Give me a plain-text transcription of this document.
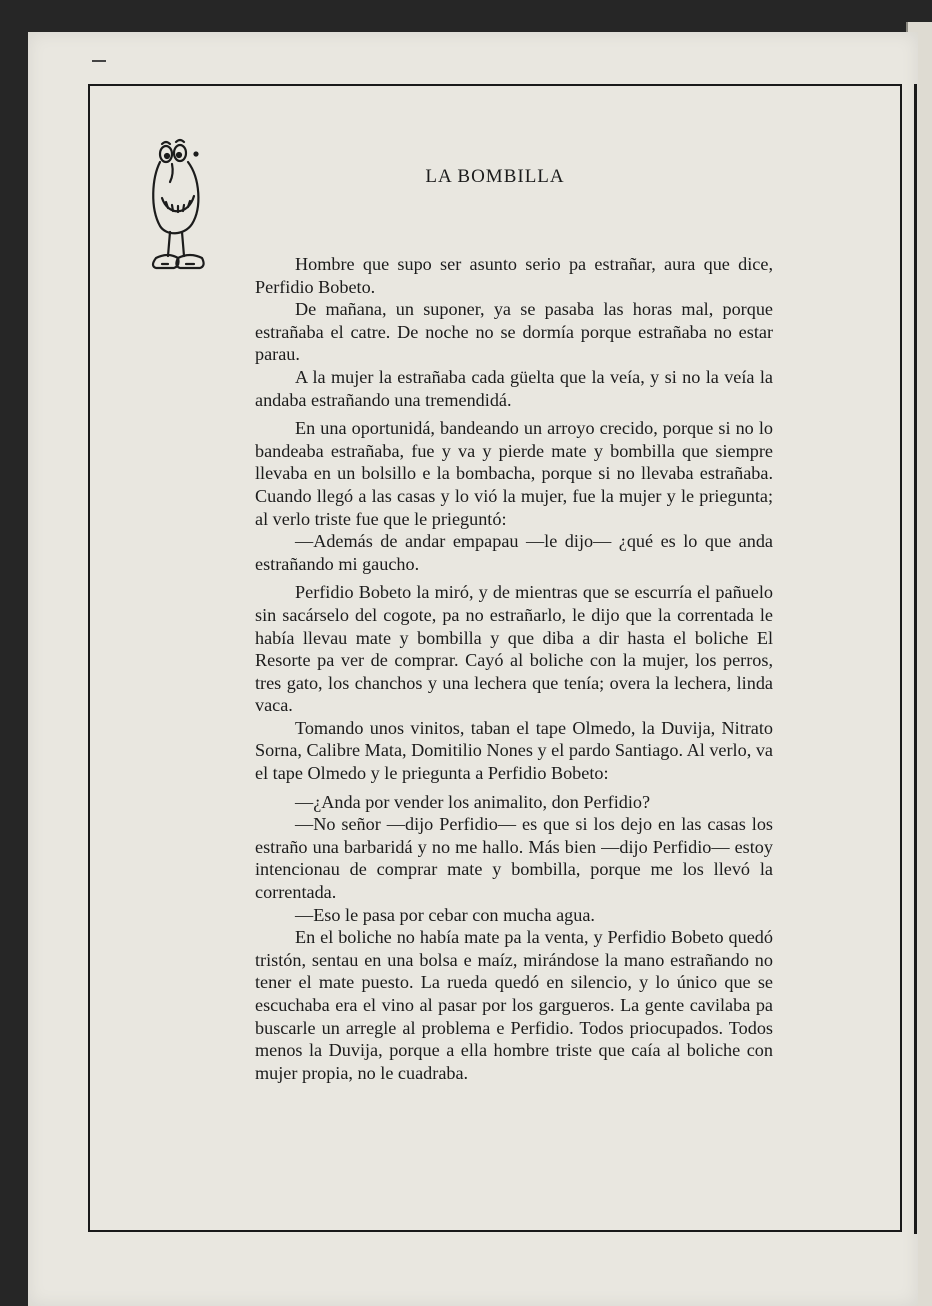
LA BOMBILLA

Hombre que supo ser asunto serio pa estrañar, aura que dice, Perfidio Bobeto.

De mañana, un suponer, ya se pasaba las horas mal, porque estrañaba el catre. De noche no se dormía porque estrañaba no estar parau.

A la mujer la estrañaba cada güelta que la veía, y si no la veía la andaba estrañando una tremendidá.

En una oportunidá, bandeando un arroyo crecido, porque si no lo bandeaba estrañaba, fue y va y pierde mate y bombilla que siempre llevaba en un bolsillo e la bombacha, porque si no llevaba estrañaba. Cuando llegó a las casas y lo vió la mujer, fue la mujer y le priegunta; al verlo triste fue que le prieguntó:

—Además de andar empapau —le dijo— ¿qué es lo que anda estrañando mi gaucho.

Perfidio Bobeto la miró, y de mientras que se escurría el pañuelo sin sacárselo del cogote, pa no estrañarlo, le dijo que la correntada le había llevau mate y bombilla y que diba a dir hasta el boliche El Resorte pa ver de comprar. Cayó al boliche con la mujer, los perros, tres gato, los chanchos y una lechera que tenía; overa la lechera, linda vaca.

Tomando unos vinitos, taban el tape Olmedo, la Duvija, Nitrato Sorna, Calibre Mata, Domitilio Nones y el pardo Santiago. Al verlo, va el tape Olmedo y le priegunta a Perfidio Bobeto:

—¿Anda por vender los animalito, don Perfidio?

—No señor —dijo Perfidio— es que si los dejo en las casas los estraño una barbaridá y no me hallo. Más bien —dijo Perfidio— estoy intencionau de comprar mate y bombilla, porque me los llevó la correntada.

—Eso le pasa por cebar con mucha agua.

En el boliche no había mate pa la venta, y Perfidio Bobeto quedó tristón, sentau en una bolsa e maíz, mirándose la mano estrañando no tener el mate puesto. La rueda quedó en silencio, y lo único que se escuchaba era el vino al pasar por los gargueros. La gente cavilaba pa buscarle un arregle al problema e Perfidio. Todos priocupados. Todos menos la Duvija, porque a ella hombre triste que caía al boliche con mujer propia, no le cuadraba.
